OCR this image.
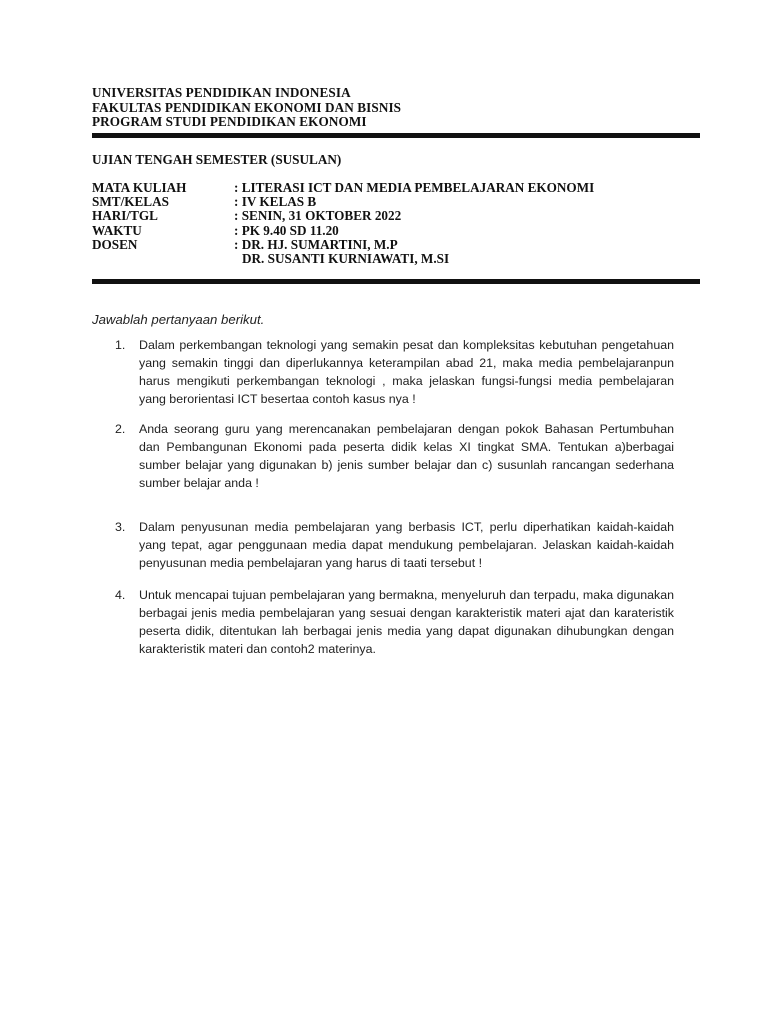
UNIVERSITAS PENDIDIKAN INDONESIA
FAKULTAS PENDIDIKAN EKONOMI DAN BISNIS
PROGRAM STUDI PENDIDIKAN EKONOMI
UJIAN TENGAH SEMESTER (SUSULAN)
MATA KULIAH	: LITERASI ICT DAN MEDIA PEMBELAJARAN EKONOMI
SMT/KELAS	: IV KELAS B
HARI/TGL	: SENIN, 31 OKTOBER 2022
WAKTU	: PK 9.40 SD 11.20
DOSEN	: DR. HJ. SUMARTINI, M.P
DR. SUSANTI KURNIAWATI, M.SI
Jawablah pertanyaan berikut.
1.	Dalam perkembangan teknologi yang semakin pesat dan kompleksitas kebutuhan pengetahuan yang semakin tinggi dan diperlukannya keterampilan abad 21, maka media pembelajaranpun harus mengikuti perkembangan teknologi , maka jelaskan fungsi-fungsi media pembelajaran yang berorientasi ICT besertaa contoh kasus nya !
2.	Anda seorang guru yang merencanakan pembelajaran dengan pokok Bahasan Pertumbuhan dan Pembangunan Ekonomi pada peserta didik kelas XI tingkat SMA. Tentukan a)berbagai sumber belajar yang digunakan b) jenis sumber belajar dan c) susunlah rancangan sederhana sumber belajar anda !
3.	Dalam penyusunan media pembelajaran yang berbasis ICT, perlu diperhatikan kaidah-kaidah yang tepat, agar penggunaan media dapat mendukung pembelajaran. Jelaskan kaidah-kaidah penyusunan media pembelajaran yang harus di taati tersebut !
4.	Untuk mencapai tujuan pembelajaran yang bermakna, menyeluruh dan terpadu, maka digunakan berbagai jenis media pembelajaran yang sesuai dengan karakteristik materi ajat dan karateristik peserta didik, ditentukan lah berbagai jenis media yang dapat digunakan dihubungkan dengan karakteristik materi dan contoh2 materinya.
